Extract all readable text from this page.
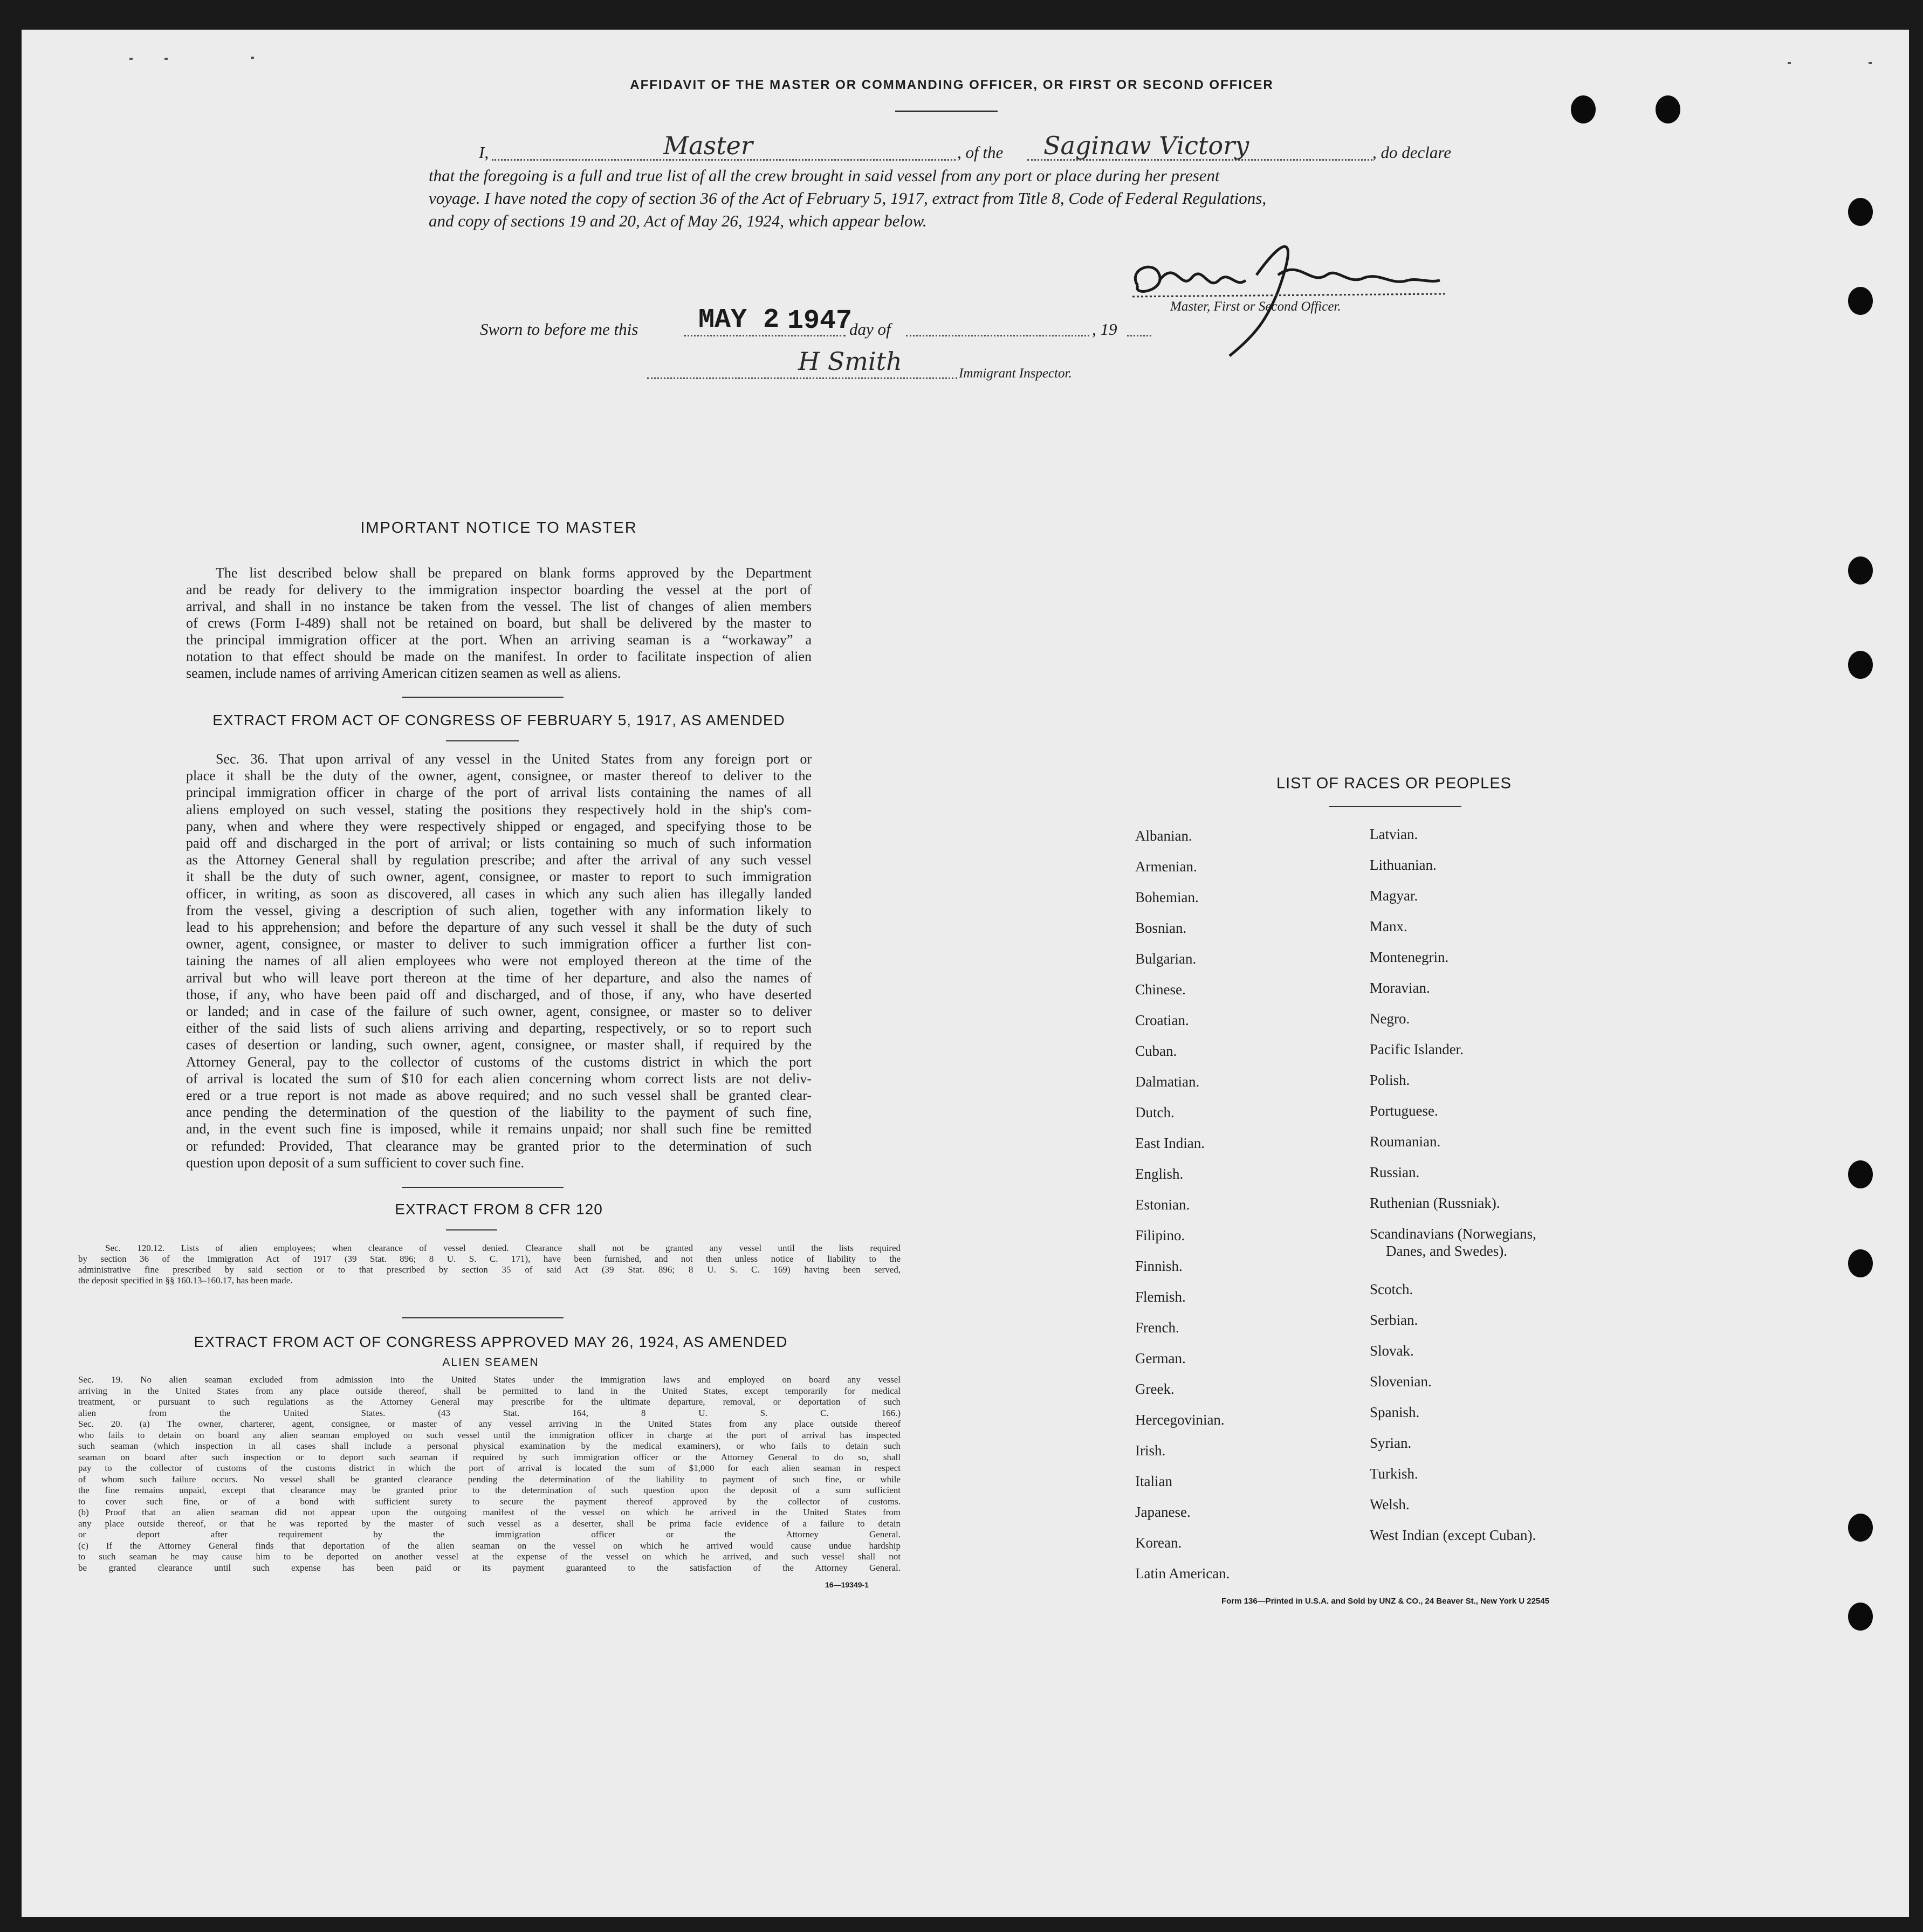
AFFIDAVIT OF THE MASTER OR COMMANDING OFFICER, OR FIRST OR SECOND OFFICER
I,	Master	, of the Saginaw Victory	, do declare
that the foregoing is a full and true list of all the crew brought in said vessel from any port or place during her present
voyage. I have noted the copy of section 36 of the Act of February 5, 1917, extract from Title 8, Code of Federal Regulations,
and copy of sections 19 and 20, Act of May 26, 1924, which appear below.
Master, First or Second Officer.
Sworn to before me this MAY 2 1947
day of	, 19
H Smith	Immigrant Inspector.
IMPORTANT NOTICE TO MASTER
The list described below shall be prepared on blank forms approved by the Department
and be ready for delivery to the immigration inspector boarding the vessel at the port of
arrival, and shall in no instance be taken from the vessel. The list of changes of alien members
of crews (Form I-489) shall not be retained on board, but shall be delivered by the master to
the principal immigration officer at the port. When an arriving seaman is a “workaway” a
notation to that effect should be made on the manifest. In order to facilitate inspection of alien
seamen, include names of arriving American citizen seamen as well as aliens.
EXTRACT FROM ACT OF CONGRESS OF FEBRUARY 5, 1917, AS AMENDED
Sec. 36. That upon arrival of any vessel in the United States from any foreign port or
place it shall be the duty of the owner, agent, consignee, or master thereof to deliver to the
principal immigration officer in charge of the port of arrival lists containing the names of all
aliens employed on such vessel, stating the positions they respectively hold in the ship's com-
pany, when and where they were respectively shipped or engaged, and specifying those to be
paid off and discharged in the port of arrival; or lists containing so much of such information
as the Attorney General shall by regulation prescribe; and after the arrival of any such vessel
it shall be the duty of such owner, agent, consignee, or master to report to such immigration
officer, in writing, as soon as discovered, all cases in which any such alien has illegally landed
from the vessel, giving a description of such alien, together with any information likely to
lead to his apprehension; and before the departure of any such vessel it shall be the duty of such
owner, agent, consignee, or master to deliver to such immigration officer a further list con-
taining the names of all alien employees who were not employed thereon at the time of the
arrival but who will leave port thereon at the time of her departure, and also the names of
those, if any, who have been paid off and discharged, and of those, if any, who have deserted
or landed; and in case of the failure of such owner, agent, consignee, or master so to deliver
either of the said lists of such aliens arriving and departing, respectively, or so to report such
cases of desertion or landing, such owner, agent, consignee, or master shall, if required by the
Attorney General, pay to the collector of customs of the customs district in which the port
of arrival is located the sum of $10 for each alien concerning whom correct lists are not deliv-
ered or a true report is not made as above required; and no such vessel shall be granted clear-
ance pending the determination of the question of the liability to the payment of such fine,
and, in the event such fine is imposed, while it remains unpaid; nor shall such fine be remitted
or refunded: Provided, That clearance may be granted prior to the determination of such
question upon deposit of a sum sufficient to cover such fine.
EXTRACT FROM 8 CFR 120
Sec. 120.12. Lists of alien employees; when clearance of vessel denied. Clearance shall not be granted any vessel until the lists required
by section 36 of the Immigration Act of 1917 (39 Stat. 896; 8 U. S. C. 171), have been furnished, and not then unless notice of liability to the
administrative fine prescribed by said section or to that prescribed by section 35 of said Act (39 Stat. 896; 8 U. S. C. 169) having been served,
the deposit specified in §§ 160.13–160.17, has been made.
EXTRACT FROM ACT OF CONGRESS APPROVED MAY 26, 1924, AS AMENDED
ALIEN SEAMEN
Sec. 19. No alien seaman excluded from admission into the United States under the immigration laws and employed on board any vessel
arriving in the United States from any place outside thereof, shall be permitted to land in the United States, except temporarily for medical
treatment, or pursuant to such regulations as the Attorney General may prescribe for the ultimate departure, removal, or deportation of such
alien from the United States. (43 Stat. 164, 8 U. S. C. 166.)
Sec. 20. (a) The owner, charterer, agent, consignee, or master of any vessel arriving in the United States from any place outside thereof
who fails to detain on board any alien seaman employed on such vessel until the immigration officer in charge at the port of arrival has inspected
such seaman (which inspection in all cases shall include a personal physical examination by the medical examiners), or who fails to detain such
seaman on board after such inspection or to deport such seaman if required by such immigration officer or the Attorney General to do so, shall
pay to the collector of customs of the customs district in which the port of arrival is located the sum of $1,000 for each alien seaman in respect
of whom such failure occurs. No vessel shall be granted clearance pending the determination of the liability to payment of such fine, or while
the fine remains unpaid, except that clearance may be granted prior to the determination of such question upon the deposit of a sum sufficient
to cover such fine, or of a bond with sufficient surety to secure the payment thereof approved by the collector of customs.
(b) Proof that an alien seaman did not appear upon the outgoing manifest of the vessel on which he arrived in the United States from
any place outside thereof, or that he was reported by the master of such vessel as a deserter, shall be prima facie evidence of a failure to detain
or deport after requirement by the immigration officer or the Attorney General.
(c) If the Attorney General finds that deportation of the alien seaman on the vessel on which he arrived would cause undue hardship
to such seaman he may cause him to be deported on another vessel at the expense of the vessel on which he arrived, and such vessel shall not
be granted clearance until such expense has been paid or its payment guaranteed to the satisfaction of the Attorney General.
16—19349-1
LIST OF RACES OR PEOPLES
Albanian.
Armenian.
Bohemian.
Bosnian.
Bulgarian.
Chinese.
Croatian.
Cuban.
Dalmatian.
Dutch.
East Indian.
English.
Estonian.
Filipino.
Finnish.
Flemish.
French.
German.
Greek.
Hercegovinian.
Irish.
Italian
Japanese.
Korean.
Latin American.
Latvian.
Lithuanian.
Magyar.
Manx.
Montenegrin.
Moravian.
Negro.
Pacific Islander.
Polish.
Portuguese.
Roumanian.
Russian.
Ruthenian (Russniak).
Scandinavians (Norwegians,
Danes, and Swedes).
Scotch.
Serbian.
Slovak.
Slovenian.
Spanish.
Syrian.
Turkish.
Welsh.
West Indian (except Cuban).
Form 136—Printed in U.S.A. and Sold by UNZ & CO., 24 Beaver St., New York U 22545
